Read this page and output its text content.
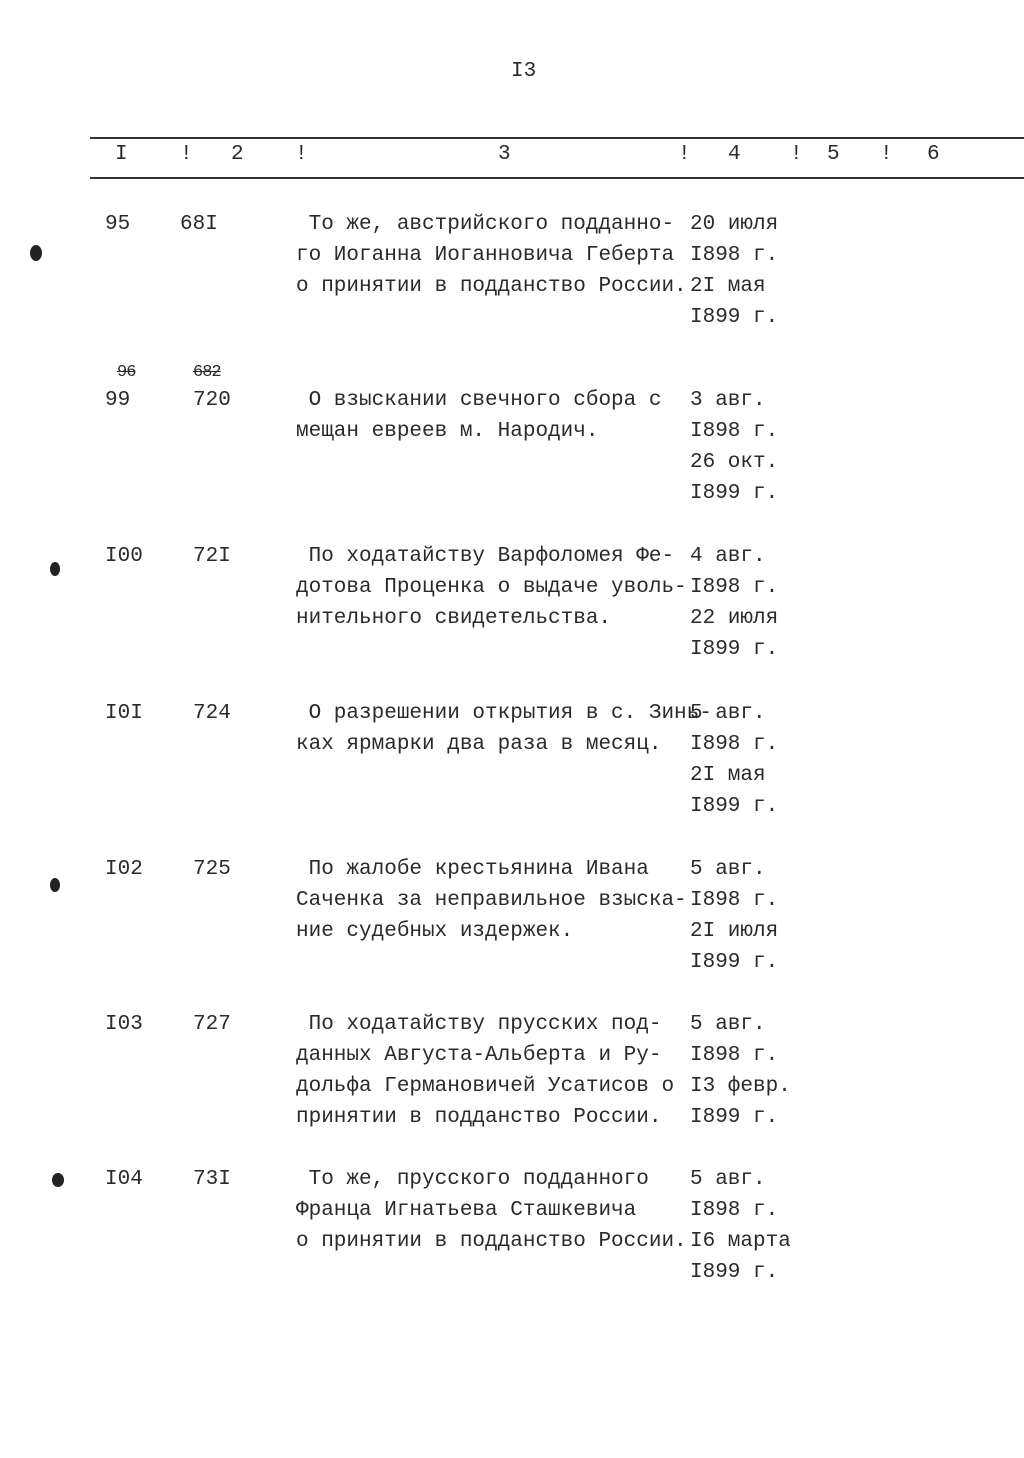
I3
I ! 2 !	3	! 4 ! 5 ! 6
95 68I	То же, австрийского подданно-
го Иоганна Иоганновича Геберта
о принятии в подданство России.
20 июля
I898 г.
2I мая
I899 г.
96	682
99	720	О взыскании свечного сбора с
мещан евреев м. Народич.
3 авг.
I898 г.
26 окт.
I899 г.
I00 72I	По ходатайству Варфоломея Фе-
дотова Проценка о выдаче уволь-
нительного свидетельства.
4 авг.
I898 г.
22 июля
I899 г.
I0I 724	О разрешении открытия в с. Зинь-
ках ярмарки два раза в месяц.
5 авг.
I898 г.
2I мая
I899 г.
I02 725	По жалобе крестьянина Ивана
Саченка за неправильное взыска-
ние судебных издержек.
5 авг.
I898 г.
2I июля
I899 г.
I03 727	По ходатайству прусских под-
данных Августа-Альберта и Ру-
дольфа Германовичей Усатисов о
принятии в подданство России.
5 авг.
I898 г.
I3 февр.
I899 г.
I04 73I	То же, прусского подданного
Франца Игнатьева Сташкевича
о принятии в подданство России.
5 авг.
I898 г.
I6 марта
I899 г.
